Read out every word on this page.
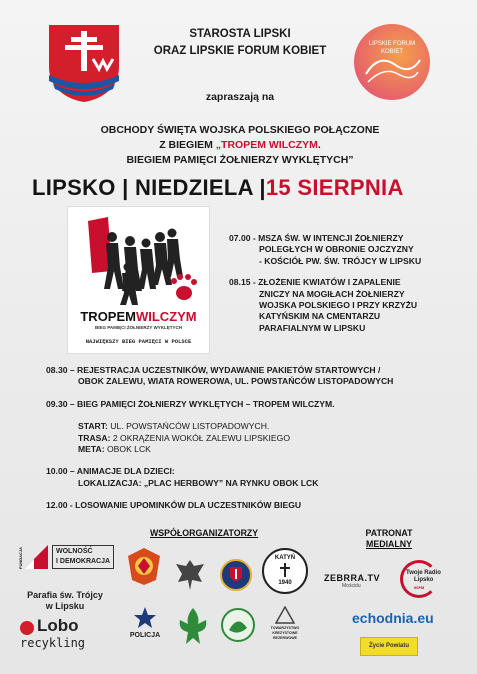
LIPSKIE FORUM KOBIET
STAROSTA LIPSKI
ORAZ LIPSKIE FORUM KOBIET
zapraszają na
OBCHODY ŚWIĘTA WOJSKA POLSKIEGO POŁĄCZONE
Z BIEGIEM „TROPEM WILCZYM.
BIEGIEM PAMIĘCI ŻOŁNIERZY WYKLĘTYCH”
LIPSKO | NIEDZIELA |15 SIERPNIA
TROPEMWILCZYM
BIEG PAMIĘCI ŻOŁNIERZY WYKLĘTYCH
NAJWIĘKSZY BIEG PAMIĘCI W POLSCE
07.00 - MSZA ŚW. W INTENCJI ŻOŁNIERZY
POLEGŁYCH W OBRONIE OJCZYZNY
- KOŚCIÓŁ PW. ŚW. TRÓJCY W LIPSKU
08.15 - ZŁOŻENIE KWIATÓW I ZAPALENIE
ZNICZY NA MOGIŁACH ŻOŁNIERZY
WOJSKA POLSKIEGO I PRZY KRZYŻU
KATYŃSKIM NA CMENTARZU
PARAFIALNYM W LIPSKU
08.30 – REJESTRACJA UCZESTNIKÓW, WYDAWANIE PAKIETÓW STARTOWYCH /
OBOK ZALEWU, WIATA ROWEROWA, UL. POWSTAŃCÓW LISTOPADOWYCH
09.30 – BIEG PAMIĘCI ŻOŁNIERZY WYKLĘTYCH – TROPEM WILCZYM.
START: UL. POWSTAŃCÓW LISTOPADOWYCH.
TRASA: 2 OKRĄŻENIA WOKÓŁ ZALEWU LIPSKIEGO
META: OBOK LCK
10.00 – ANIMACJE DLA DZIECI:
LOKALIZACJA: „PLAC HERBOWY” NA RYNKU OBOK LCK
12.00 - LOSOWANIE UPOMINKÓW DLA UCZESTNIKÓW BIEGU
WSPÓŁORGANIZATORZY	PATRONAT
MEDIALNY
FUNDACJA	WOLNOŚĆ
I DEMOKRACJA	KATYŃ
1940
Parafia św. Trójcy
w Lipsku
Lobo
recykling
POLICJA
TOWARZYSTWO
KREZYSTOWE
REZERWOWE
ZEBRRA.TV
Mościdu
Twoje Radio
Lipsko
90FM
echodnia.eu
Życie Powiatu
